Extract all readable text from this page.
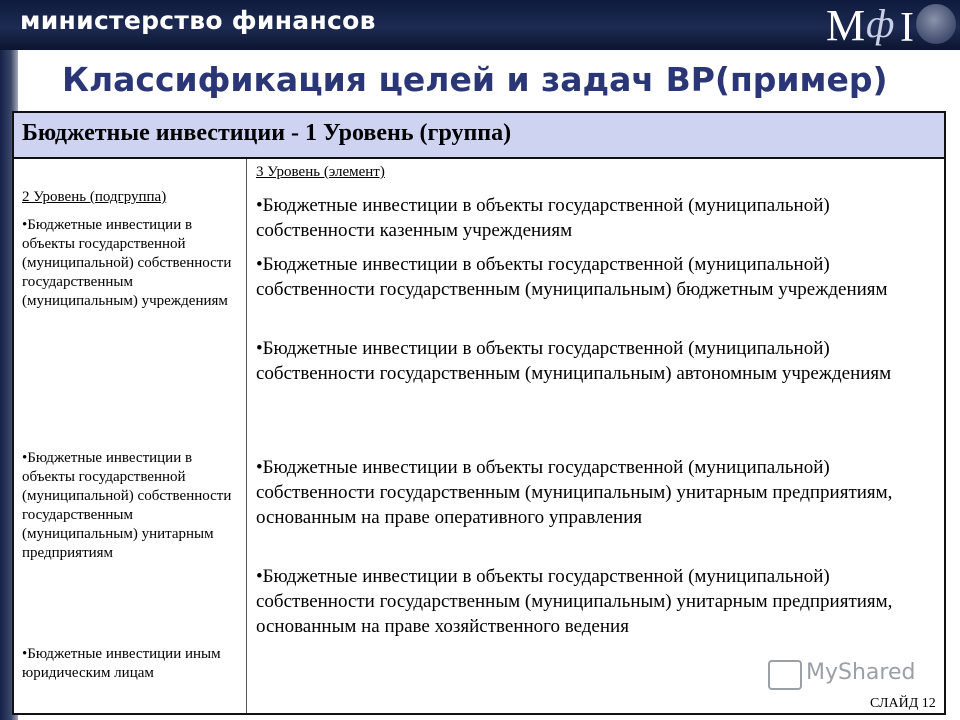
министерство финансов	М ф I
Классификация целей и задач ВР(пример)
Бюджетные инвестиции - 1 Уровень (группа)

2 Уровень (подгруппа)

•Бюджетные инвестиции в объекты государственной (муниципальной) собственности государственным (муниципальным) учреждениям

•Бюджетные инвестиции в объекты государственной (муниципальной) собственности государственным (муниципальным) унитарным предприятиям

•Бюджетные инвестиции иным юридическим лицам

3 Уровень (элемент)

•Бюджетные инвестиции в объекты государственной (муниципальной) собственности казенным учреждениям

•Бюджетные инвестиции в объекты государственной (муниципальной) собственности государственным (муниципальным) бюджетным учреждениям

•Бюджетные инвестиции в объекты государственной (муниципальной) собственности государственным (муниципальным) автономным учреждениям

•Бюджетные инвестиции в объекты государственной (муниципальной) собственности государственным (муниципальным) унитарным предприятиям, основанным на праве оперативного управления

•Бюджетные инвестиции в объекты государственной (муниципальной) собственности государственным (муниципальным) унитарным предприятиям, основанным на праве хозяйственного ведения

MyShared
СЛАЙД 12
